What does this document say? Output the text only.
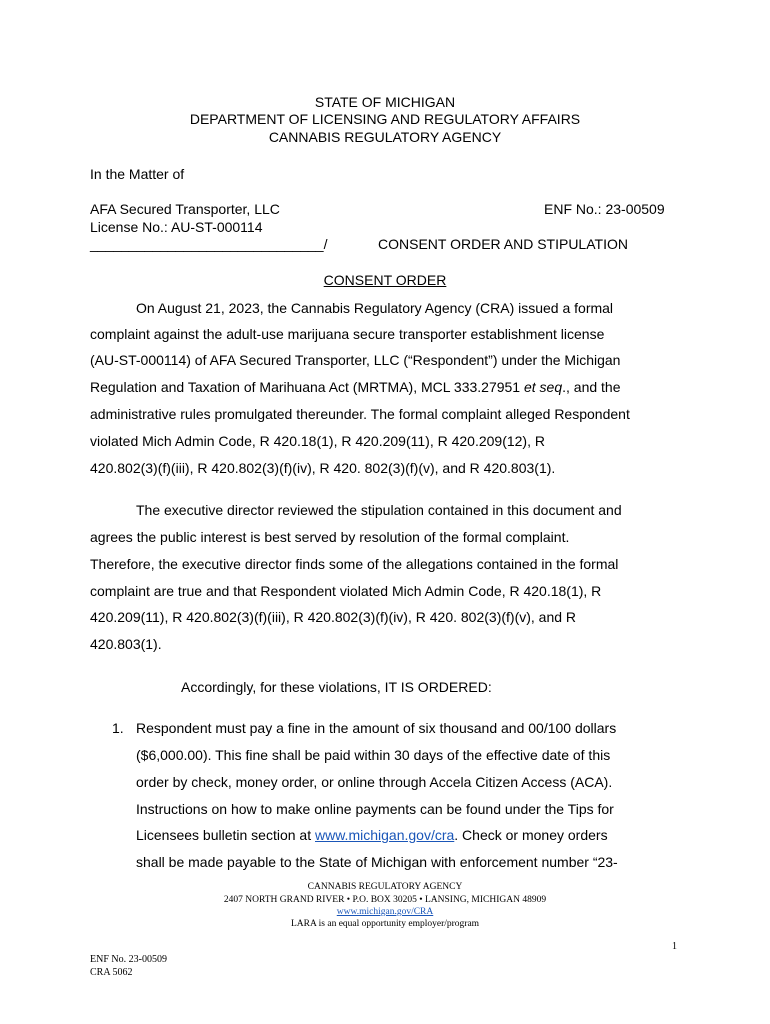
STATE OF MICHIGAN
DEPARTMENT OF LICENSING AND REGULATORY AFFAIRS
CANNABIS REGULATORY AGENCY
In the Matter of
AFA Secured Transporter, LLC	ENF No.: 23-00509
License No.: AU-ST-000114
______________________________/	CONSENT ORDER AND STIPULATION
CONSENT ORDER
On August 21, 2023, the Cannabis Regulatory Agency (CRA) issued a formal
complaint against the adult-use marijuana secure transporter establishment license
(AU-ST-000114) of AFA Secured Transporter, LLC (“Respondent”) under the Michigan
Regulation and Taxation of Marihuana Act (MRTMA), MCL 333.27951 et seq., and the
administrative rules promulgated thereunder. The formal complaint alleged Respondent
violated Mich Admin Code, R 420.18(1), R 420.209(11), R 420.209(12), R
420.802(3)(f)(iii), R 420.802(3)(f)(iv), R 420. 802(3)(f)(v), and R 420.803(1).
The executive director reviewed the stipulation contained in this document and
agrees the public interest is best served by resolution of the formal complaint.
Therefore, the executive director finds some of the allegations contained in the formal
complaint are true and that Respondent violated Mich Admin Code, R 420.18(1), R
420.209(11), R 420.802(3)(f)(iii), R 420.802(3)(f)(iv), R 420. 802(3)(f)(v), and R
420.803(1).
Accordingly, for these violations, IT IS ORDERED:
1. Respondent must pay a fine in the amount of six thousand and 00/100 dollars
($6,000.00). This fine shall be paid within 30 days of the effective date of this
order by check, money order, or online through Accela Citizen Access (ACA).
Instructions on how to make online payments can be found under the Tips for
Licensees bulletin section at www.michigan.gov/cra. Check or money orders
shall be made payable to the State of Michigan with enforcement number “23-
CANNABIS REGULATORY AGENCY
2407 NORTH GRAND RIVER • P.O. BOX 30205 • LANSING, MICHIGAN 48909
www.michigan.gov/CRA
LARA is an equal opportunity employer/program
1
ENF No. 23-00509
CRA 5062
